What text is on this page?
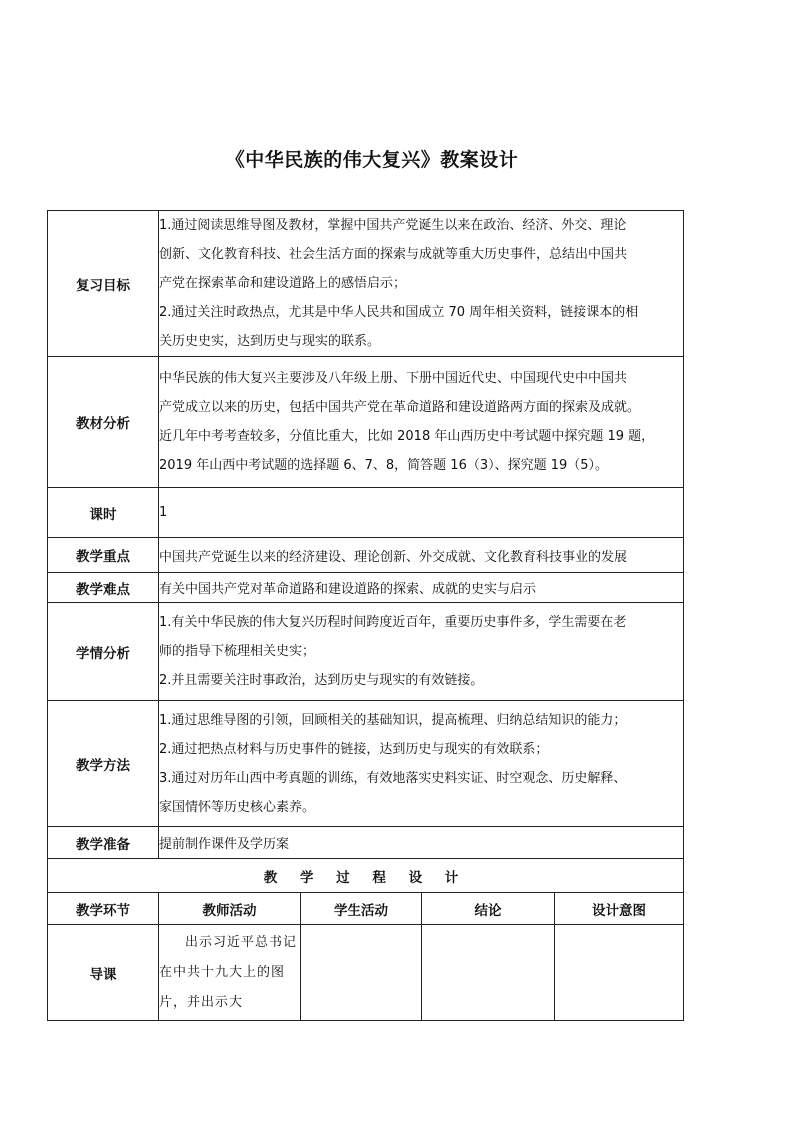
《中华民族的伟大复兴》教案设计
复习目标	1.通过阅读思维导图及教材，掌握中国共产党诞生以来在政治、经济、外交、理论
创新、文化教育科技、社会生活方面的探索与成就等重大历史事件，总结出中国共
产党在探索革命和建设道路上的感悟启示；
2.通过关注时政热点，尤其是中华人民共和国成立 70 周年相关资料，链接课本的相
关历史史实，达到历史与现实的联系。			

教材分析	中华民族的伟大复兴主要涉及八年级上册、下册中国近代史、中国现代史中中国共
产党成立以来的历史，包括中国共产党在革命道路和建设道路两方面的探索及成就。
近几年中考考查较多，分值比重大，比如 2018 年山西历史中考试题中探究题 19 题，
2019 年山西中考试题的选择题 6、7、8，简答题 16（3）、探究题 19（5）。			

课时	1			
教学重点	中国共产党诞生以来的经济建设、理论创新、外交成就、文化教育科技事业的发展			
教学难点	有关中国共产党对革命道路和建设道路的探索、成就的史实与启示			
学情分析	1.有关中华民族的伟大复兴历程时间跨度近百年，重要历史事件多，学生需要在老
师的指导下梳理相关史实；
2.并且需要关注时事政治，达到历史与现实的有效链接。			

教学方法	1.通过思维导图的引领，回顾相关的基础知识，提高梳理、归纳总结知识的能力；
2.通过把热点材料与历史事件的链接，达到历史与现实的有效联系；
3.通过对历年山西中考真题的训练，有效地落实史料实证、时空观念、历史解释、
家国情怀等历史核心素养。			

教学准备	提前制作课件及学历案			
教 学 过 程 设 计				
教学环节	教师活动	学生活动	结论	设计意图
导课	出示习近平总书记在中共十九大上的图片，并出示大			
